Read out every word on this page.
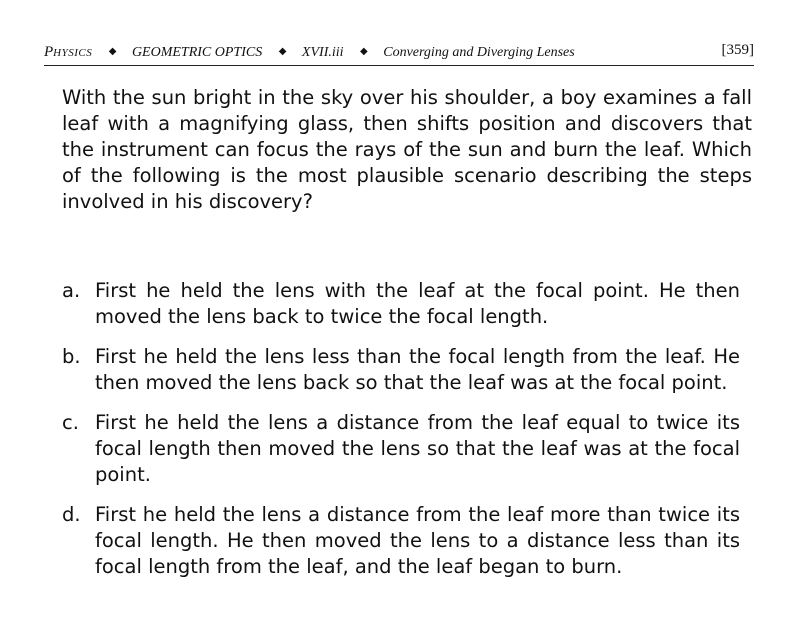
PHYSICS ◆ GEOMETRIC OPTICS ◆ XVII.iii ◆ Converging and Diverging Lenses	[359]

With the sun bright in the sky over his shoulder, a boy examines a fall leaf with a magnifying glass, then shifts position and discovers that the instrument can focus the rays of the sun and burn the leaf. Which of the following is the most plausible scenario describing the steps involved in his discovery?

a. First he held the lens with the leaf at the focal point. He then moved the lens back to twice the focal length.
b. First he held the lens less than the focal length from the leaf. He then moved the lens back so that the leaf was at the focal point.
c. First he held the lens a distance from the leaf equal to twice its focal length then moved the lens so that the leaf was at the focal point.
d. First he held the lens a distance from the leaf more than twice its focal length. He then moved the lens to a distance less than its focal length from the leaf, and the leaf began to burn.
